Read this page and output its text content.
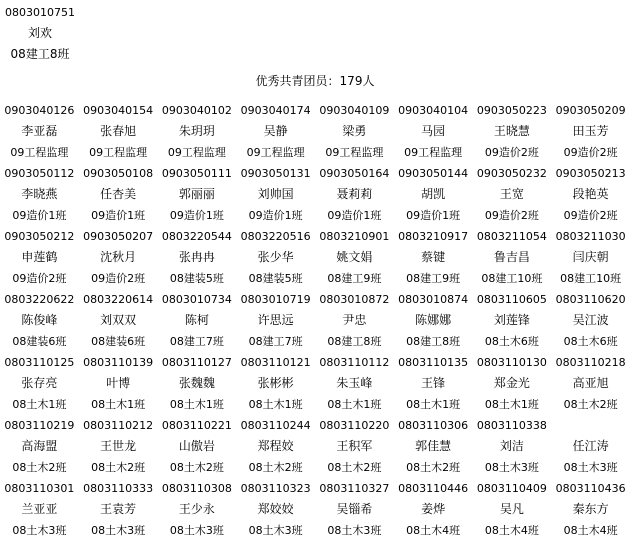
0803010751
刘欢
08建工8班
优秀共青团员：179人
0903040126 0903040154 0903040102 0903040174 0903040109 0903040104 0903050223 0903050209
李亚磊	张春旭	朱玥玥	吴静	梁勇	马园	王晓慧	田玉芳
09工程监理	09工程监理	09工程监理	09工程监理	09工程监理	09工程监理	09造价2班	09造价2班
0903050112 0903050108 0903050111 0903050131 0903050164 0903050144 0903050232 0903050213
李晓燕	任杏美	郭丽丽	刘帅国	聂莉莉	胡凯	王宽	段艳英
09造价1班	09造价1班	09造价1班	09造价1班	09造价1班	09造价1班	09造价2班	09造价2班
0903050212 0903050207 0803220544 0803220516 0803210901 0803210917 0803211054 0803211030
申莲鹤	沈秋月	张冉冉	张少华	姚文娟	蔡键	鲁吉昌	闫庆朝
09造价2班	09造价2班	08建装5班	08建装5班	08建工9班	08建工9班	08建工10班	08建工10班
0803220622 0803220614 0803010734 0803010719 0803010872 0803010874 0803110605 0803110620
陈俊峰	刘双双	陈柯	许思远	尹忠	陈娜娜	刘莲锋	吴江波
08建装6班	08建装6班	08建工7班	08建工7班	08建工8班	08建工8班	08土木6班	08土木6班
0803110125 0803110139 0803110127 0803110121 0803110112 0803110135 0803110130 0803110218
张存亮	叶博	张魏魏	张彬彬	朱玉峰	王锋	郑金光	高亚旭
08土木1班	08土木1班	08土木1班	08土木1班	08土木1班	08土木1班	08土木1班	08土木2班
0803110219 0803110212 0803110221 0803110244 0803110220 0803110306 0803110338
高海盟	王世龙	山傲岩	郑程姣	王积军	郭佳慧	刘洁	任江涛
08土木2班	08土木2班	08土木2班	08土木2班	08土木2班	08土木2班	08土木3班	08土木3班
0803110301 0803110333 0803110308 0803110323 0803110327 0803110446 0803110409 0803110436
兰亚亚	王袁芳	王少永	郑姣姣	吴锱希	姜烨	吴凡	秦东方
08土木3班	08土木3班	08土木3班	08土木3班	08土木3班	08土木4班	08土木4班	08土木4班
